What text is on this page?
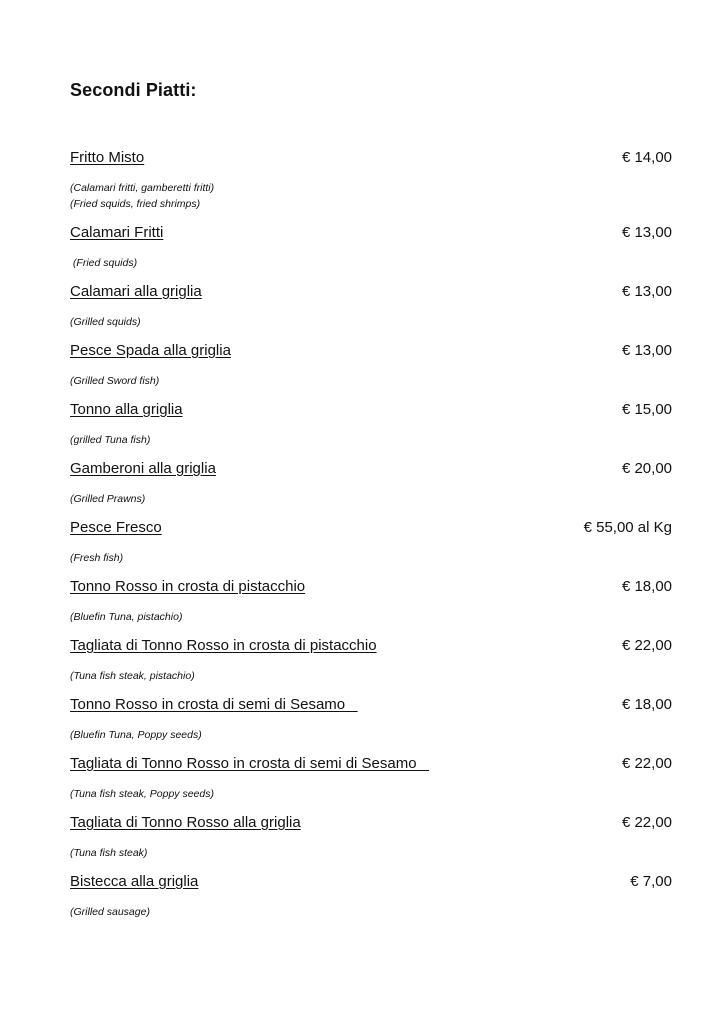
Secondi Piatti:
Fritto Misto	€ 14,00
(Calamari fritti, gamberetti fritti)
(Fried squids, fried shrimps)
Calamari Fritti	€ 13,00
(Fried squids)
Calamari alla griglia	€ 13,00
(Grilled squids)
Pesce Spada alla griglia	€ 13,00
(Grilled Sword fish)
Tonno alla griglia	€ 15,00
(grilled Tuna fish)
Gamberoni alla griglia	€ 20,00
(Grilled Prawns)
Pesce Fresco	€ 55,00 al Kg
(Fresh fish)
Tonno Rosso in crosta di pistacchio	€ 18,00
(Bluefin Tuna, pistachio)
Tagliata di Tonno Rosso in crosta di pistacchio	€ 22,00
(Tuna fish steak, pistachio)
Tonno Rosso in crosta di semi di Sesamo	€ 18,00
(Bluefin Tuna, Poppy seeds)
Tagliata di Tonno Rosso in crosta di semi di Sesamo	€ 22,00
(Tuna fish steak, Poppy seeds)
Tagliata di Tonno Rosso alla griglia	€ 22,00
(Tuna fish steak)
Bistecca alla griglia	€ 7,00
(Grilled sausage)
